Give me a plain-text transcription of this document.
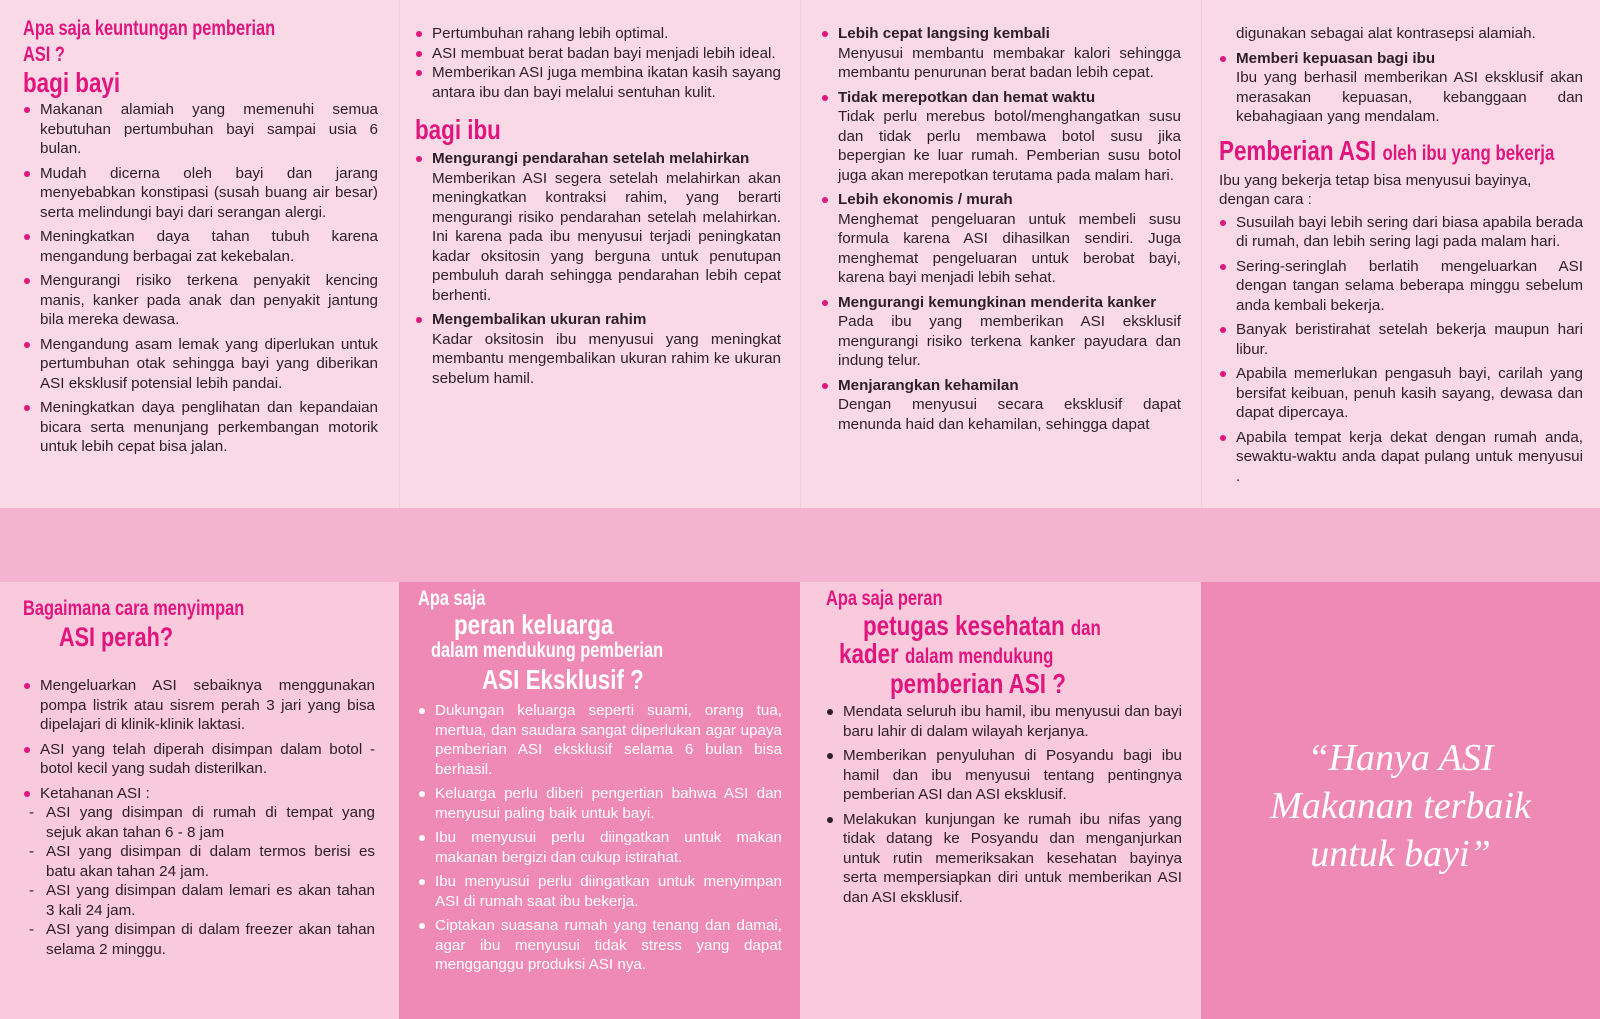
Apa saja keuntungan pemberian
ASI ?
bagi bayi
Makanan alamiah yang memenuhi semua kebutuhan pertumbuhan bayi sampai usia 6 bulan.
Mudah dicerna oleh bayi dan jarang menyebabkan konstipasi (susah buang air besar) serta melindungi bayi dari serangan alergi.
Meningkatkan daya tahan tubuh karena mengandung berbagai zat kekebalan.
Mengurangi risiko terkena penyakit kencing manis, kanker pada anak dan penyakit jantung bila mereka dewasa.
Mengandung asam lemak yang diperlukan untuk pertumbuhan otak sehingga bayi yang diberikan ASI eksklusif potensial lebih pandai.
Meningkatkan daya penglihatan dan kepandaian bicara serta menunjang perkembangan motorik untuk lebih cepat bisa jalan.
Pertumbuhan rahang lebih optimal.
ASI membuat berat badan bayi menjadi lebih ideal.
Memberikan ASI juga membina ikatan kasih sayang antara ibu dan bayi melalui sentuhan kulit.
bagi ibu
Mengurangi pendarahan setelah melahirkan
Memberikan ASI segera setelah melahirkan akan meningkatkan kontraksi rahim, yang berarti mengurangi risiko pendarahan setelah melahirkan. Ini karena pada ibu menyusui terjadi peningkatan kadar oksitosin yang berguna untuk penutupan pembuluh darah sehingga pendarahan lebih cepat berhenti.
Mengembalikan ukuran rahim
Kadar oksitosin ibu menyusui yang meningkat membantu mengembalikan ukuran rahim ke ukuran sebelum hamil.
Lebih cepat langsing kembali
Menyusui membantu membakar kalori sehingga membantu penurunan berat badan lebih cepat.
Tidak merepotkan dan hemat waktu
Tidak perlu merebus botol/menghangatkan susu dan tidak perlu membawa botol susu jika bepergian ke luar rumah. Pemberian susu botol juga akan merepotkan terutama pada malam hari.
Lebih ekonomis / murah
Menghemat pengeluaran untuk membeli susu formula karena ASI dihasilkan sendiri. Juga menghemat pengeluaran untuk berobat bayi, karena bayi menjadi lebih sehat.
Mengurangi kemungkinan menderita kanker
Pada ibu yang memberikan ASI eksklusif mengurangi risiko terkena kanker payudara dan indung telur.
Menjarangkan kehamilan
Dengan menyusui secara eksklusif dapat menunda haid dan kehamilan, sehingga dapat
digunakan sebagai alat kontrasepsi alamiah.
Memberi kepuasan bagi ibu
Ibu yang berhasil memberikan ASI eksklusif akan merasakan kepuasan, kebanggaan dan kebahagiaan yang mendalam.
Pemberian ASI oleh ibu yang bekerja
Ibu yang bekerja tetap bisa menyusui bayinya, dengan cara :
Susuilah bayi lebih sering dari biasa apabila berada di rumah, dan lebih sering lagi pada malam hari.
Sering-seringlah berlatih mengeluarkan ASI dengan tangan selama beberapa minggu sebelum anda kembali bekerja.
Banyak beristirahat setelah bekerja maupun hari libur.
Apabila memerlukan pengasuh bayi, carilah yang bersifat keibuan, penuh kasih sayang, dewasa dan dapat dipercaya.
Apabila tempat kerja dekat dengan rumah anda, sewaktu-waktu anda dapat pulang untuk menyusui .
Bagaimana cara menyimpan
ASI perah?
Mengeluarkan ASI sebaiknya menggunakan pompa listrik atau sisrem perah 3 jari yang bisa dipelajari di klinik-klinik laktasi.
ASI yang telah diperah disimpan dalam botol - botol kecil yang sudah disterilkan.
Ketahanan ASI :
- ASI yang disimpan di rumah di tempat yang sejuk akan tahan 6 - 8 jam
- ASI yang disimpan di dalam termos berisi es batu akan tahan 24 jam.
- ASI yang disimpan dalam lemari es akan tahan 3 kali 24 jam.
- ASI yang disimpan di dalam freezer akan tahan selama 2 minggu.
Apa saja
peran keluarga
dalam mendukung pemberian
ASI Eksklusif ?
Dukungan keluarga seperti suami, orang tua, mertua, dan saudara sangat diperlukan agar upaya pemberian ASI eksklusif selama 6 bulan bisa berhasil.
Keluarga perlu diberi pengertian bahwa ASI dan menyusui paling baik untuk bayi.
Ibu menyusui perlu diingatkan untuk makan makanan bergizi dan cukup istirahat.
Ibu menyusui perlu diingatkan untuk menyimpan ASI di rumah saat ibu bekerja.
Ciptakan suasana rumah yang tenang dan damai, agar ibu menyusui tidak stress yang dapat mengganggu produksi ASI nya.
Apa saja peran

petugas kesehatan dan
kader dalam mendukung
pemberian ASI ?
Mendata seluruh ibu hamil, ibu menyusui dan bayi baru lahir di dalam wilayah kerjanya.
Memberikan penyuluhan di Posyandu bagi ibu hamil dan ibu menyusui tentang pentingnya pemberian ASI dan ASI eksklusif.
Melakukan kunjungan ke rumah ibu nifas yang tidak datang ke Posyandu dan menganjurkan untuk rutin memeriksakan kesehatan bayinya serta mempersiapkan diri untuk memberikan ASI dan ASI eksklusif.
“Hanya ASI
Makanan terbaik
untuk bayi”
